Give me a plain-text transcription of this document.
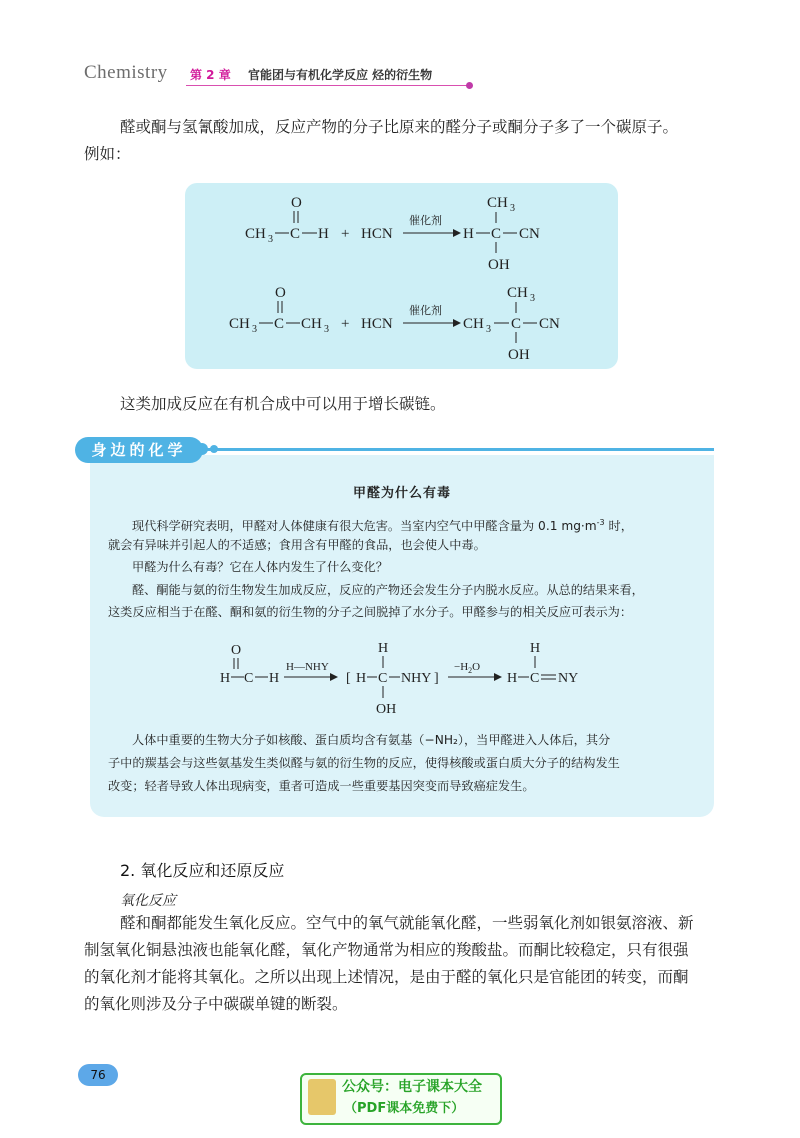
Chemistry 第 2 章 官能团与有机化学反应 烃的衍生物
醛或酮与氢氰酸加成，反应产物的分子比原来的醛分子或酮分子多了一个碳原子。
例如：
O
CH 3 C H + HCN
催化剂
CH 3
H C CN
OH
O
CH 3 C CH 3 + HCN
催化剂
CH 3
CH 3 C CN
OH
这类加成反应在有机合成中可以用于增长碳链。
身边的化学
甲醛为什么有毒
现代科学研究表明，甲醛对人体健康有很大危害。当室内空气中甲醛含量为 0.1 $mg\cdot m^{-3}$ 时，
就会有异味并引起人的不适感；食用含有甲醛的食品，也会使人中毒。
甲醛为什么有毒？它在人体内发生了什么变化？
醛、酮能与氨的衍生物发生加成反应，反应的产物还会发生分子内脱水反应。从总的结果来看，
这类反应相当于在醛、酮和氨的衍生物的分子之间脱掉了水分子。甲醛参与的相关反应可表示为：
O
H C H
H—NHY
[
H
H C NHY ]
OH
$-H_2O$
H
H C NY
人体中重要的生物大分子如核酸、蛋白质均含有氨基（−NH₂），当甲醛进入人体后，其分
子中的羰基会与这些氨基发生类似醛与氨的衍生物的反应，使得核酸或蛋白质大分子的结构发生
改变；轻者导致人体出现病变，重者可造成一些重要基因突变而导致癌症发生。
2. 氧化反应和还原反应
氧化反应
醛和酮都能发生氧化反应。空气中的氧气就能氧化醛，一些弱氧化剂如银氨溶液、新
制氢氧化铜悬浊液也能氧化醛，氧化产物通常为相应的羧酸盐。而酮比较稳定，只有很强
的氧化剂才能将其氧化。之所以出现上述情况，是由于醛的氧化只是官能团的转变，而酮
的氧化则涉及分子中碳碳单键的断裂。
76
公众号：电子课本大全
（PDF课本免费下）
